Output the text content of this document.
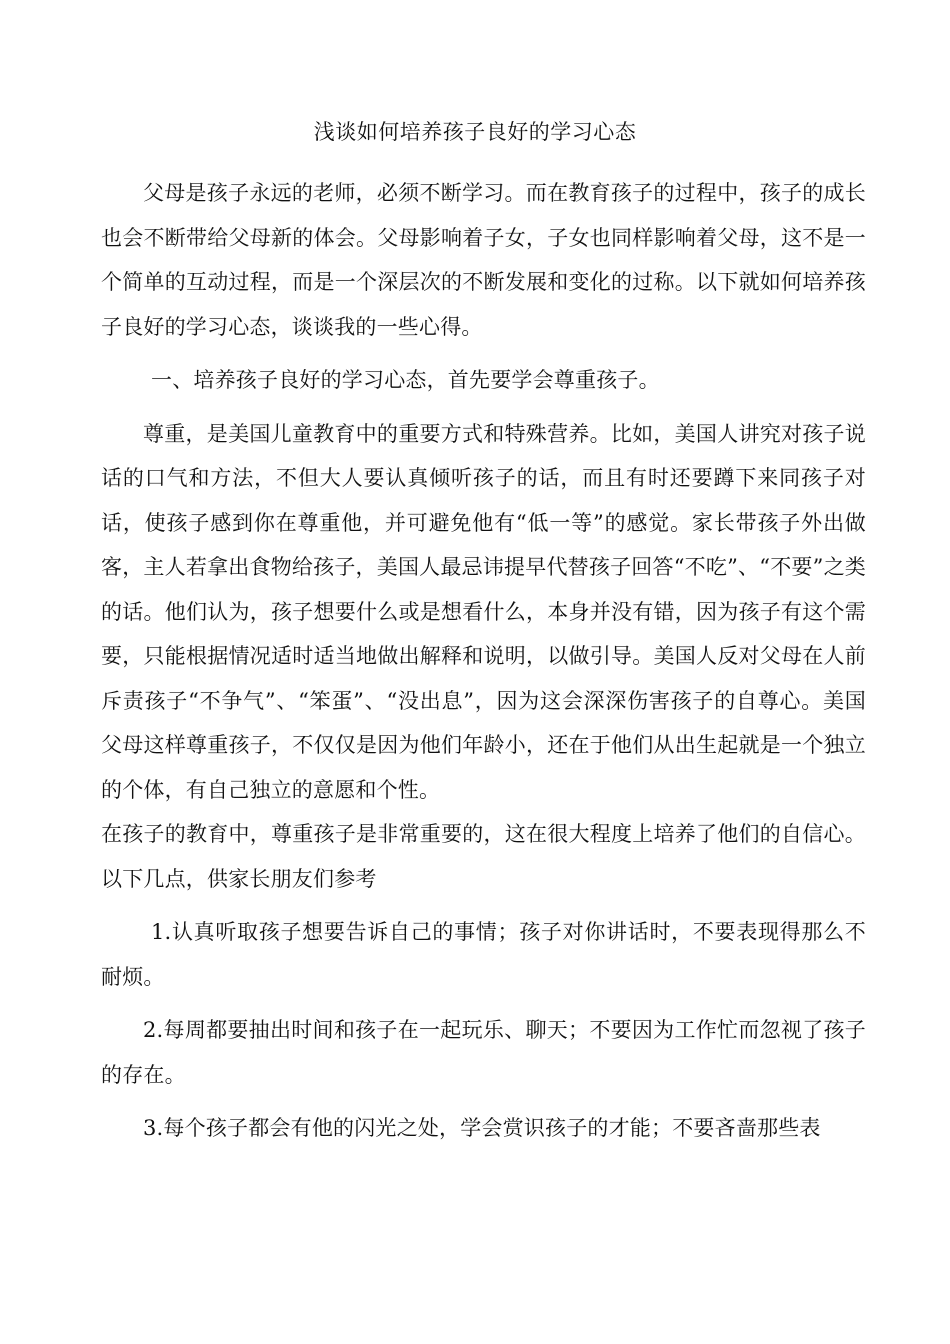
浅谈如何培养孩子良好的学习心态

父母是孩子永远的老师，必须不断学习。而在教育孩子的过程中，孩子的成长也会不断带给父母新的体会。父母影响着子女，子女也同样影响着父母，这不是一个简单的互动过程，而是一个深层次的不断发展和变化的过称。以下就如何培养孩子良好的学习心态，谈谈我的一些心得。

一、培养孩子良好的学习心态，首先要学会尊重孩子。

尊重，是美国儿童教育中的重要方式和特殊营养。比如，美国人讲究对孩子说话的口气和方法，不但大人要认真倾听孩子的话，而且有时还要蹲下来同孩子对话，使孩子感到你在尊重他，并可避免他有“低一等”的感觉。家长带孩子外出做客，主人若拿出食物给孩子，美国人最忌讳提早代替孩子回答“不吃”、“不要”之类的话。他们认为，孩子想要什么或是想看什么，本身并没有错，因为孩子有这个需要，只能根据情况适时适当地做出解释和说明，以做引导。美国人反对父母在人前斥责孩子“不争气”、“笨蛋”、“没出息”，因为这会深深伤害孩子的自尊心。美国父母这样尊重孩子，不仅仅是因为他们年龄小，还在于他们从出生起就是一个独立的个体，有自己独立的意愿和个性。

在孩子的教育中，尊重孩子是非常重要的，这在很大程度上培养了他们的自信心。以下几点，供家长朋友们参考

1.认真听取孩子想要告诉自己的事情；孩子对你讲话时，不要表现得那么不耐烦。

2.每周都要抽出时间和孩子在一起玩乐、聊天；不要因为工作忙而忽视了孩子的存在。

3.每个孩子都会有他的闪光之处，学会赏识孩子的才能；不要吝啬那些表
